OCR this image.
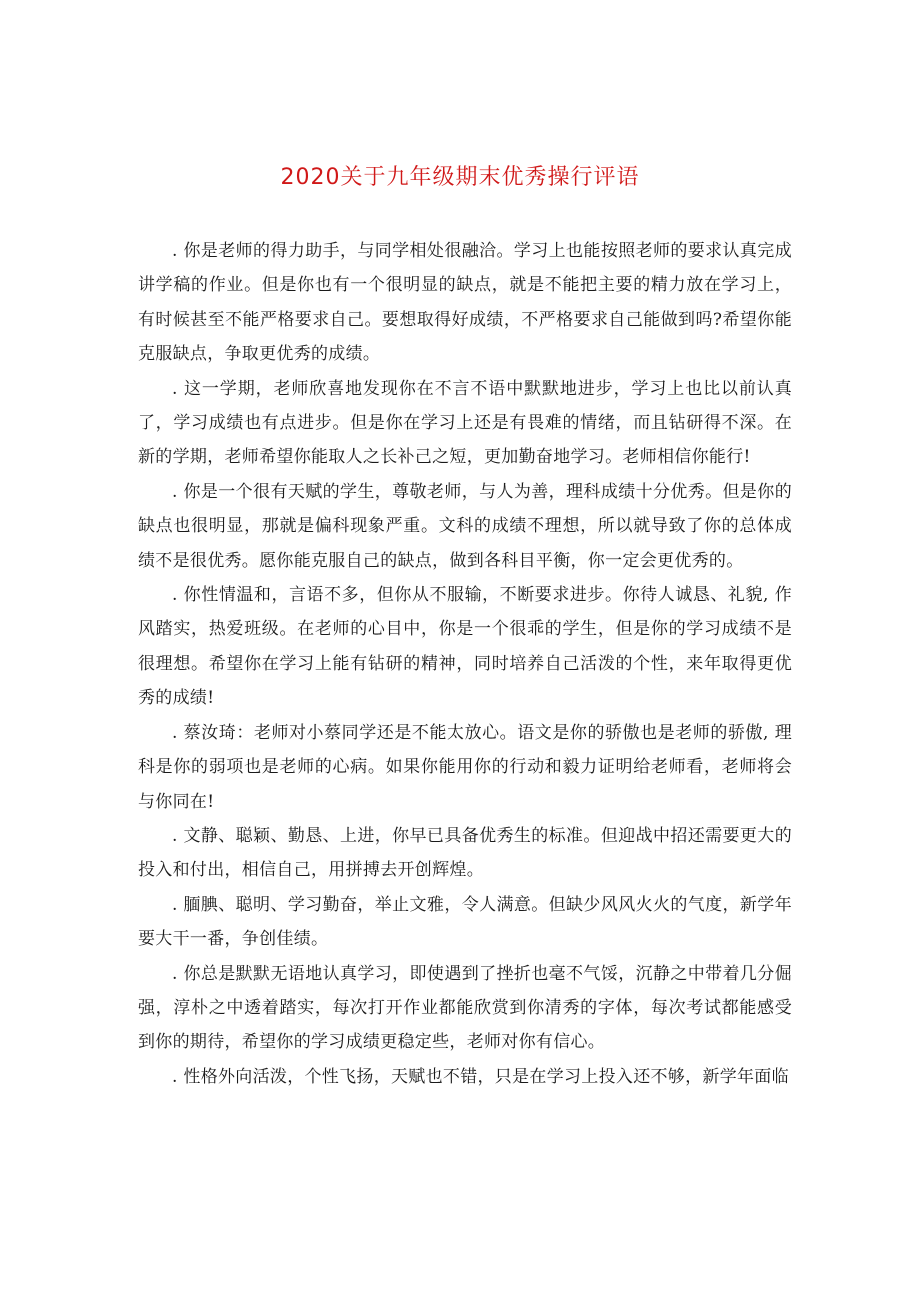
2020关于九年级期末优秀操行评语

. 你是老师的得力助手，与同学相处很融洽。学习上也能按照老师的要求认真完成讲学稿的作业。但是你也有一个很明显的缺点，就是不能把主要的精力放在学习上，有时候甚至不能严格要求自己。要想取得好成绩，不严格要求自己能做到吗?希望你能克服缺点，争取更优秀的成绩。

. 这一学期，老师欣喜地发现你在不言不语中默默地进步，学习上也比以前认真了，学习成绩也有点进步。但是你在学习上还是有畏难的情绪，而且钻研得不深。在新的学期，老师希望你能取人之长补己之短，更加勤奋地学习。老师相信你能行!

. 你是一个很有天赋的学生，尊敬老师，与人为善，理科成绩十分优秀。但是你的缺点也很明显，那就是偏科现象严重。文科的成绩不理想，所以就导致了你的总体成绩不是很优秀。愿你能克服自己的缺点，做到各科目平衡，你一定会更优秀的。

. 你性情温和，言语不多，但你从不服输，不断要求进步。你待人诚恳、礼貌, 作风踏实，热爱班级。在老师的心目中，你是一个很乖的学生，但是你的学习成绩不是很理想。希望你在学习上能有钻研的精神，同时培养自己活泼的个性，来年取得更优秀的成绩!

. 蔡汝琦：老师对小蔡同学还是不能太放心。语文是你的骄傲也是老师的骄傲, 理科是你的弱项也是老师的心病。如果你能用你的行动和毅力证明给老师看，老师将会与你同在!

. 文静、聪颖、勤恳、上进，你早已具备优秀生的标准。但迎战中招还需要更大的投入和付出，相信自己，用拼搏去开创辉煌。

. 腼腆、聪明、学习勤奋，举止文雅，令人满意。但缺少风风火火的气度，新学年要大干一番，争创佳绩。

. 你总是默默无语地认真学习，即使遇到了挫折也毫不气馁，沉静之中带着几分倔强，淳朴之中透着踏实，每次打开作业都能欣赏到你清秀的字体，每次考试都能感受到你的期待，希望你的学习成绩更稳定些，老师对你有信心。

. 性格外向活泼，个性飞扬，天赋也不错，只是在学习上投入还不够，新学年面临
